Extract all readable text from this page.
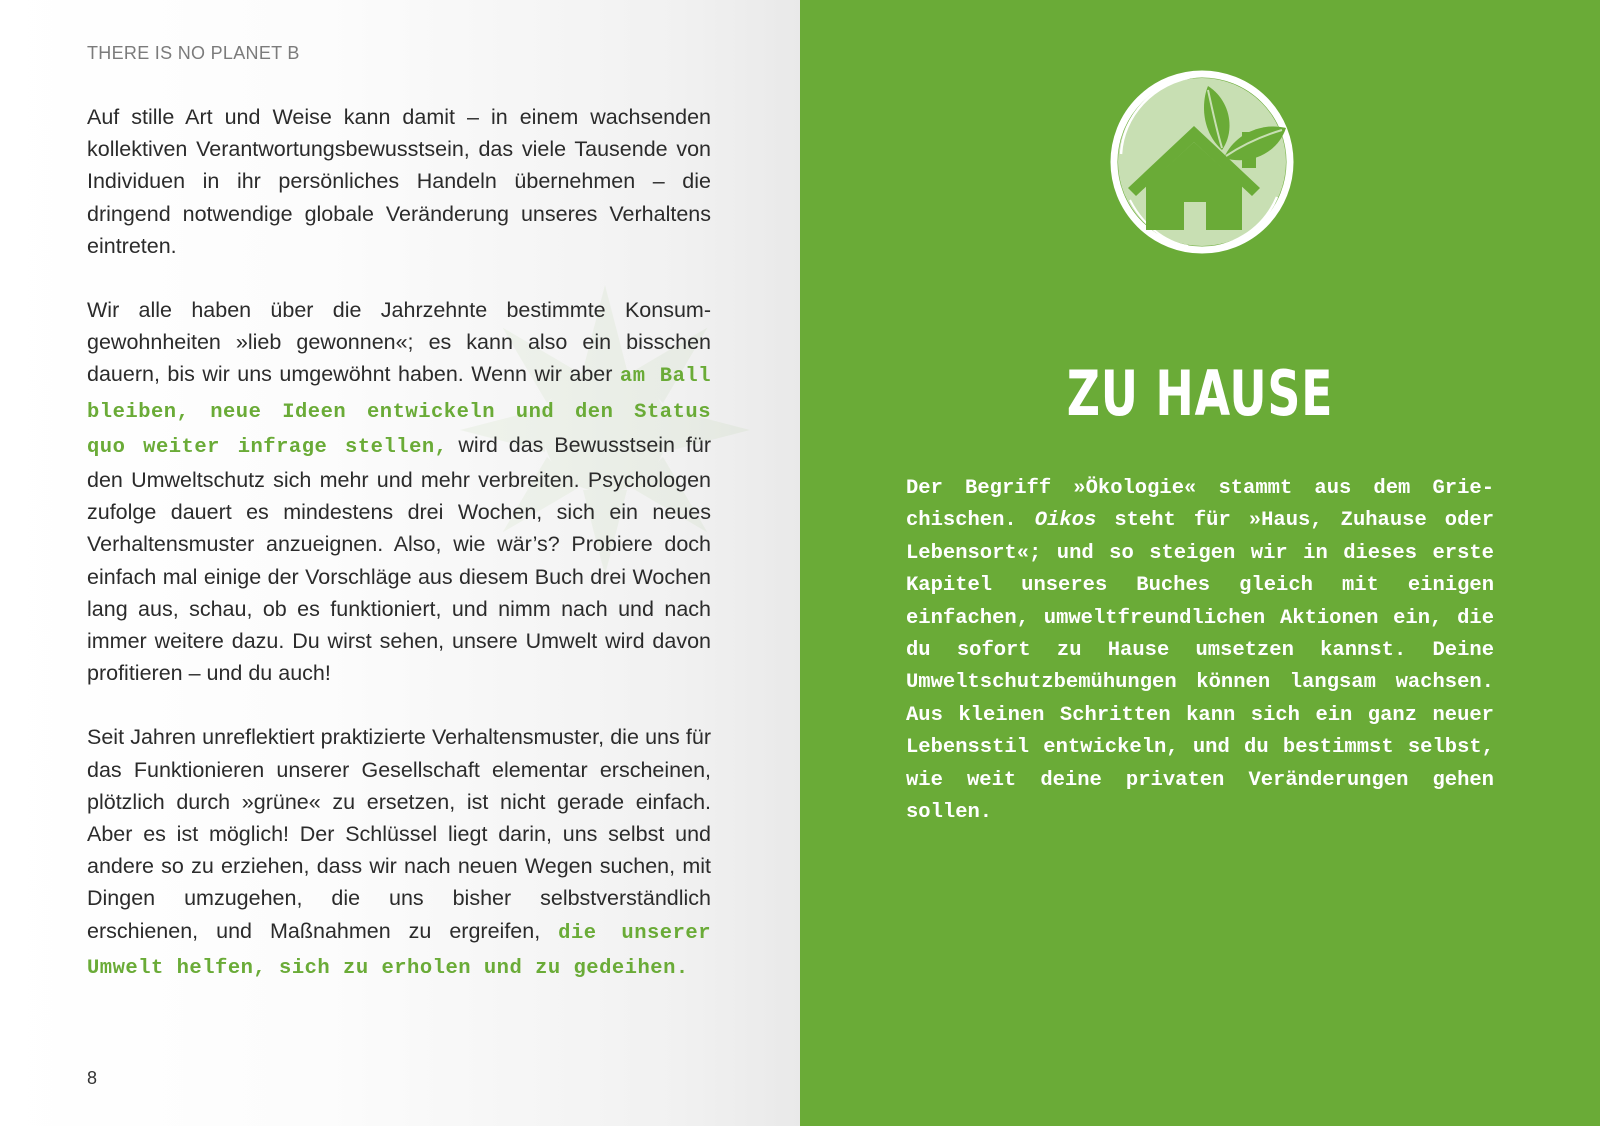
THERE IS NO PLANET B

Auf stille Art und Weise kann damit – in einem wachsenden kollektiven Verantwortungsbewusstsein, das viele Tausende von Individuen in ihr persönliches Handeln übernehmen – die dringend notwendige globale Veränderung unseres Verhaltens eintreten.

Wir alle haben über die Jahrzehnte bestimmte Konsumgewohnheiten »lieb gewonnen«; es kann also ein bisschen dauern, bis wir uns umgewöhnt haben. Wenn wir aber am Ball bleiben, neue Ideen entwickeln und den Status quo weiter infrage stellen, wird das Bewusstsein für den Umweltschutz sich mehr und mehr verbreiten. Psychologen zufolge dauert es mindestens drei Wochen, sich ein neues Verhaltensmuster anzueignen. Also, wie wär’s? Probiere doch einfach mal einige der Vorschläge aus diesem Buch drei Wochen lang aus, schau, ob es funktioniert, und nimm nach und nach immer weitere dazu. Du wirst sehen, unsere Umwelt wird davon profitieren – und du auch!

Seit Jahren unreflektiert praktizierte Verhaltensmuster, die uns für das Funktionieren unserer Gesellschaft elementar erscheinen, plötzlich durch »grüne« zu ersetzen, ist nicht gerade einfach. Aber es ist möglich! Der Schlüssel liegt darin, uns selbst und andere so zu erziehen, dass wir nach neuen Wegen suchen, mit Dingen umzugehen, die uns bisher selbstverständlich erschienen, und Maßnahmen zu ergreifen, die unserer Umwelt helfen, sich zu erholen und zu gedeihen.

8
ZU HAUSE
Der Begriff »Ökologie« stammt aus dem Griechischen. Oikos steht für »Haus, Zuhause oder Lebensort«; und so steigen wir in dieses erste Kapitel unseres Buches gleich mit einigen einfachen, umweltfreundlichen Aktionen ein, die du sofort zu Hause umsetzen kannst. Deine Umweltschutzbemühungen können langsam wachsen. Aus kleinen Schritten kann sich ein ganz neuer Lebensstil entwickeln, und du bestimmst selbst, wie weit deine privaten Veränderungen gehen sollen.
